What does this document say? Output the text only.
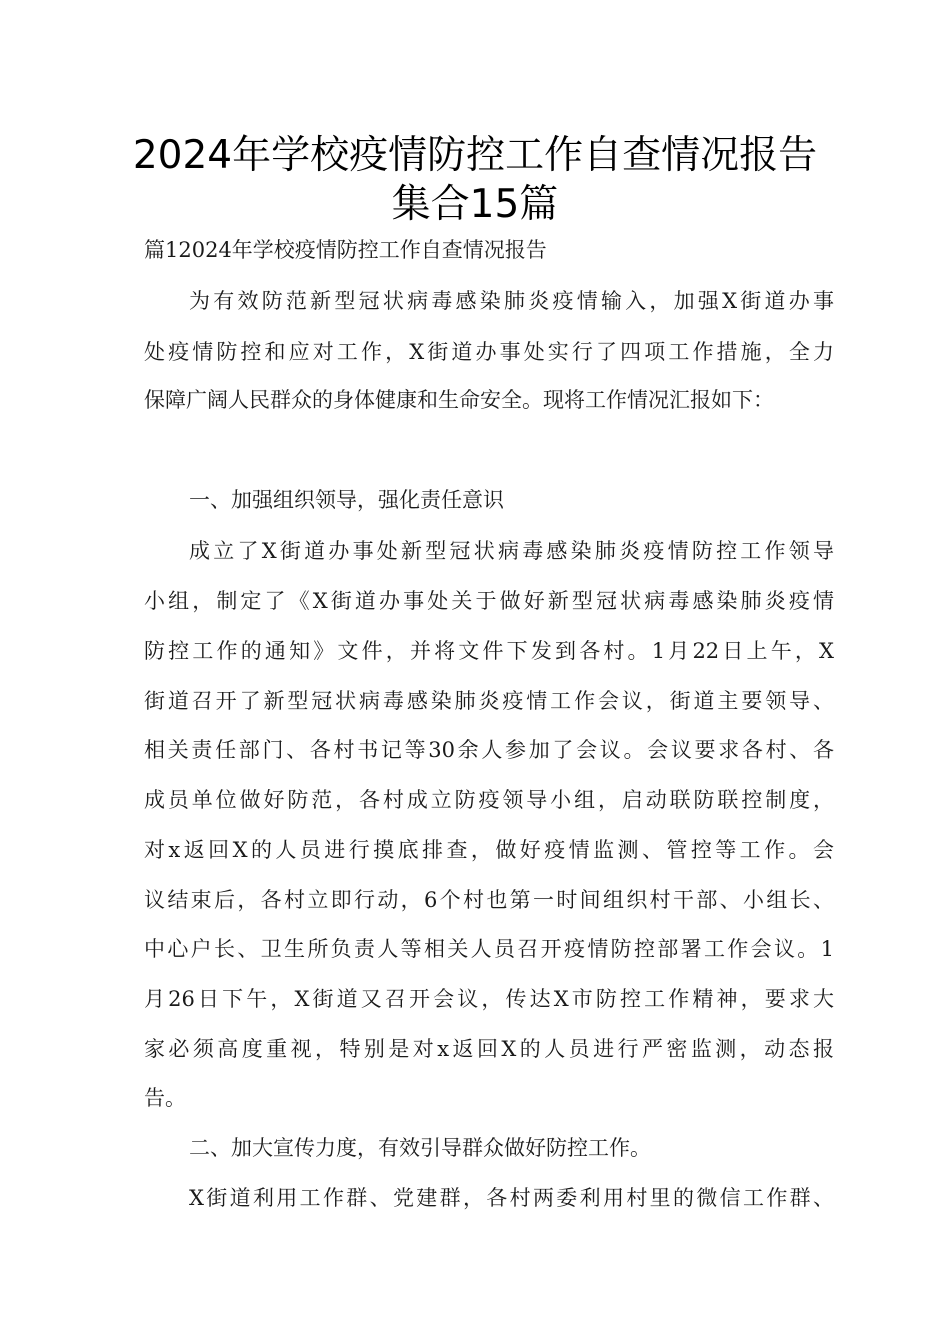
2024年学校疫情防控工作自查情况报告
集合15篇
篇12024年学校疫情防控工作自查情况报告
为有效防范新型冠状病毒感染肺炎疫情输入，加强X街道办事
处疫情防控和应对工作，X街道办事处实行了四项工作措施，全力
保障广阔人民群众的身体健康和生命安全。现将工作情况汇报如下：
一、加强组织领导，强化责任意识
成立了X街道办事处新型冠状病毒感染肺炎疫情防控工作领导
小组，制定了《X街道办事处关于做好新型冠状病毒感染肺炎疫情
防控工作的通知》文件，并将文件下发到各村。1月22日上午，X
街道召开了新型冠状病毒感染肺炎疫情工作会议，街道主要领导、
相关责任部门、各村书记等30余人参加了会议。会议要求各村、各
成员单位做好防范，各村成立防疫领导小组，启动联防联控制度，
对x返回X的人员进行摸底排查，做好疫情监测、管控等工作。会
议结束后，各村立即行动，6个村也第一时间组织村干部、小组长、
中心户长、卫生所负责人等相关人员召开疫情防控部署工作会议。1
月26日下午，X街道又召开会议，传达X市防控工作精神，要求大
家必须高度重视，特别是对x返回X的人员进行严密监测，动态报
告。
二、加大宣传力度，有效引导群众做好防控工作。
X街道利用工作群、党建群，各村两委利用村里的微信工作群、
